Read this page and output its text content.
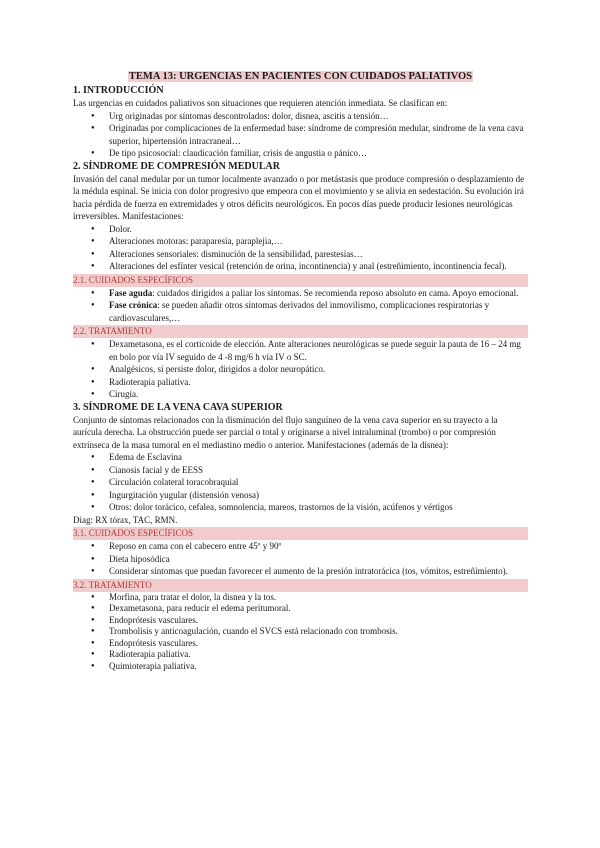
TEMA 13: URGENCIAS EN PACIENTES CON CUIDADOS PALIATIVOS

1. INTRODUCCIÓN

Las urgencias en cuidados paliativos son situaciones que requieren atención inmediata. Se clasifican en:

● Urg originadas por síntomas descontrolados: dolor, disnea, ascitis a tensión…
● Originadas por complicaciones de la enfermedad base: síndrome de compresión medular, síndrome de la vena cava superior, hipertensión intracraneal…
● De tipo psicosocial: claudicación familiar, crisis de angustia o pánico…
2. SÍNDROME DE COMPRESIÓN MEDULAR

Invasión del canal medular por un tumor localmente avanzado o por metástasis que produce compresión o desplazamiento de la médula espinal. Se inicia con dolor progresivo que empeora con el movimiento y se alivia en sedestación. Su evolución irá hacia pérdida de fuerza en extremidades y otros déficits neurológicos. En pocos días puede producir lesiones neurológicas irreversibles. Manifestaciones:

● Dolor.
● Alteraciones motoras: paraparesia, paraplejia,…
● Alteraciones sensoriales: disminución de la sensibilidad, parestesias…
● Alteraciones del esfínter vesical (retención de orina, incontinencia) y anal (estreñimiento, incontinencia fecal).

2.1. CUIDADOS ESPECÍFICOS

● Fase aguda: cuidados dirigidos a paliar los síntomas. Se recomienda reposo absoluto en cama. Apoyo emocional.
● Fase crónica: se pueden añadir otros síntomas derivados del inmovilismo, complicaciones respiratorias y cardiovasculares,…

2.2. TRATAMIENTO

● Dexametasona, es el corticoide de elección. Ante alteraciones neurológicas se puede seguir la pauta de 16 – 24 mg en bolo por vía IV seguido de 4 -8 mg/6 h vía IV o SC.
● Analgésicos, si persiste dolor, dirigidos a dolor neuropático.
● Radioterapia paliativa.
● Cirugía.
3. SÍNDROME DE LA VENA CAVA SUPERIOR

Conjunto de síntomas relacionados con la disminución del flujo sanguíneo de la vena cava superior en su trayecto a la aurícula derecha. La obstrucción puede ser parcial o total y originarse a nivel intraluminal (trombo) o por compresión extrínseca de la masa tumoral en el mediastino medio o anterior. Manifestaciones (además de la disnea):

● Edema de Esclavina
● Cianosis facial y de EESS
● Circulación colateral toracobraquial
● Ingurgitación yugular (distensión venosa)
● Otros: dolor torácico, cefalea, somnolencia, mareos, trastornos de la visión, acúfenos y vértigos

Diag: RX tórax, TAC, RMN.

3.1. CUIDADOS ESPECÍFICOS

● Reposo en cama con el cabecero entre 45º y 90º
● Dieta hiposódica
● Considerar síntomas que puedan favorecer el aumento de la presión intratorácica (tos, vómitos, estreñimiento).

3.2. TRATAMIENTO

● Morfina, para tratar el dolor, la disnea y la tos.
● Dexametasona, para reducir el edema peritumoral.
● Endoprótesis vasculares.
● Trombolisis y anticoagulación, cuando el SVCS está relacionado con trombosis.
● Endoprótesis vasculares.
● Radioterapia paliativa.
● Quimioterapia paliativa.
